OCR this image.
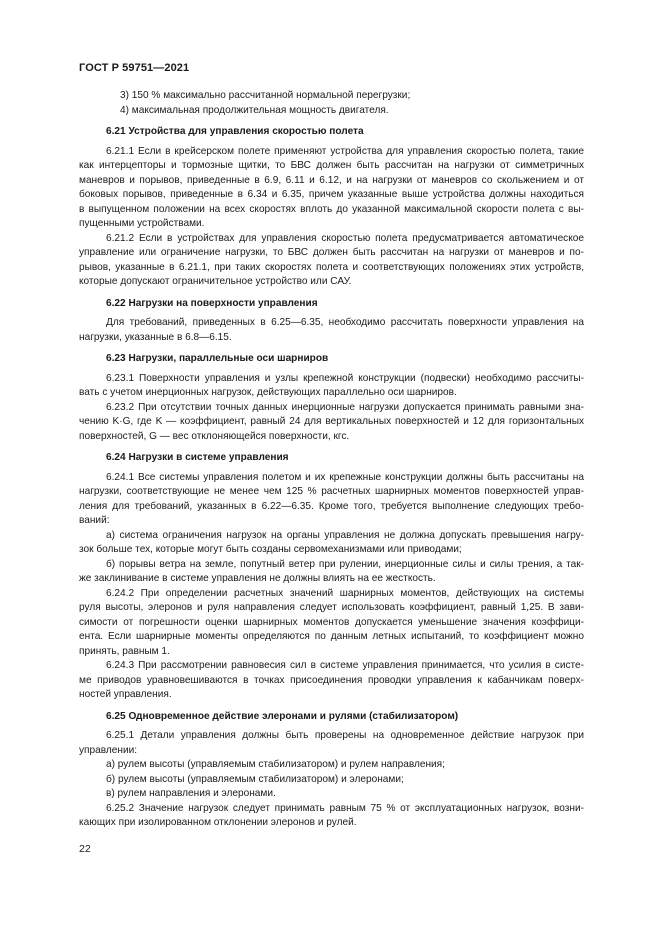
ГОСТ Р 59751—2021
3) 150 % максимально рассчитанной нормальной перегрузки;
4) максимальная продолжительная мощность двигателя.
6.21 Устройства для управления скоростью полета
6.21.1 Если в крейсерском полете применяют устройства для управления скоростью полета, такие
как интерцепторы и тормозные щитки, то БВС должен быть рассчитан на нагрузки от симметричных
маневров и порывов, приведенные в 6.9, 6.11 и 6.12, и на нагрузки от маневров со скольжением и от
боковых порывов, приведенные в 6.34 и 6.35, причем указанные выше устройства должны находиться
в выпущенном положении на всех скоростях вплоть до указанной максимальной скорости полета с вы-
пущенными устройствами.
6.21.2 Если в устройствах для управления скоростью полета предусматривается автоматическое
управление или ограничение нагрузки, то БВС должен быть рассчитан на нагрузки от маневров и по-
рывов, указанные в 6.21.1, при таких скоростях полета и соответствующих положениях этих устройств,
которые допускают ограничительное устройство или САУ.
6.22 Нагрузки на поверхности управления
Для требований, приведенных в 6.25—6.35, необходимо рассчитать поверхности управления на
нагрузки, указанные в 6.8—6.15.
6.23 Нагрузки, параллельные оси шарниров
6.23.1 Поверхности управления и узлы крепежной конструкции (подвески) необходимо рассчиты-
вать с учетом инерционных нагрузок, действующих параллельно оси шарниров.
6.23.2 При отсутствии точных данных инерционные нагрузки допускается принимать равными зна-
чению K·G, где K — коэффициент, равный 24 для вертикальных поверхностей и 12 для горизонтальных
поверхностей, G — вес отклоняющейся поверхности, кгс.
6.24 Нагрузки в системе управления
6.24.1 Все системы управления полетом и их крепежные конструкции должны быть рассчитаны на
нагрузки, соответствующие не менее чем 125 % расчетных шарнирных моментов поверхностей управ-
ления для требований, указанных в 6.22—6.35. Кроме того, требуется выполнение следующих требо-
ваний:
а) система ограничения нагрузок на органы управления не должна допускать превышения нагру-
зок больше тех, которые могут быть созданы сервомеханизмами или приводами;
б) порывы ветра на земле, попутный ветер при рулении, инерционные силы и силы трения, а так-
же заклинивание в системе управления не должны влиять на ее жесткость.
6.24.2 При определении расчетных значений шарнирных моментов, действующих на системы
руля высоты, элеронов и руля направления следует использовать коэффициент, равный 1,25. В зави-
симости от погрешности оценки шарнирных моментов допускается уменьшение значения коэффици-
ента. Если шарнирные моменты определяются по данным летных испытаний, то коэффициент можно
принять, равным 1.
6.24.3 При рассмотрении равновесия сил в системе управления принимается, что усилия в систе-
ме приводов уравновешиваются в точках присоединения проводки управления к кабанчикам поверх-
ностей управления.
6.25 Одновременное действие элеронами и рулями (стабилизатором)
6.25.1 Детали управления должны быть проверены на одновременное действие нагрузок при
управлении:
а) рулем высоты (управляемым стабилизатором) и рулем направления;
б) рулем высоты (управляемым стабилизатором) и элеронами;
в) рулем направления и элеронами.
6.25.2 Значение нагрузок следует принимать равным 75 % от эксплуатационных нагрузок, возни-
кающих при изолированном отклонении элеронов и рулей.
22
